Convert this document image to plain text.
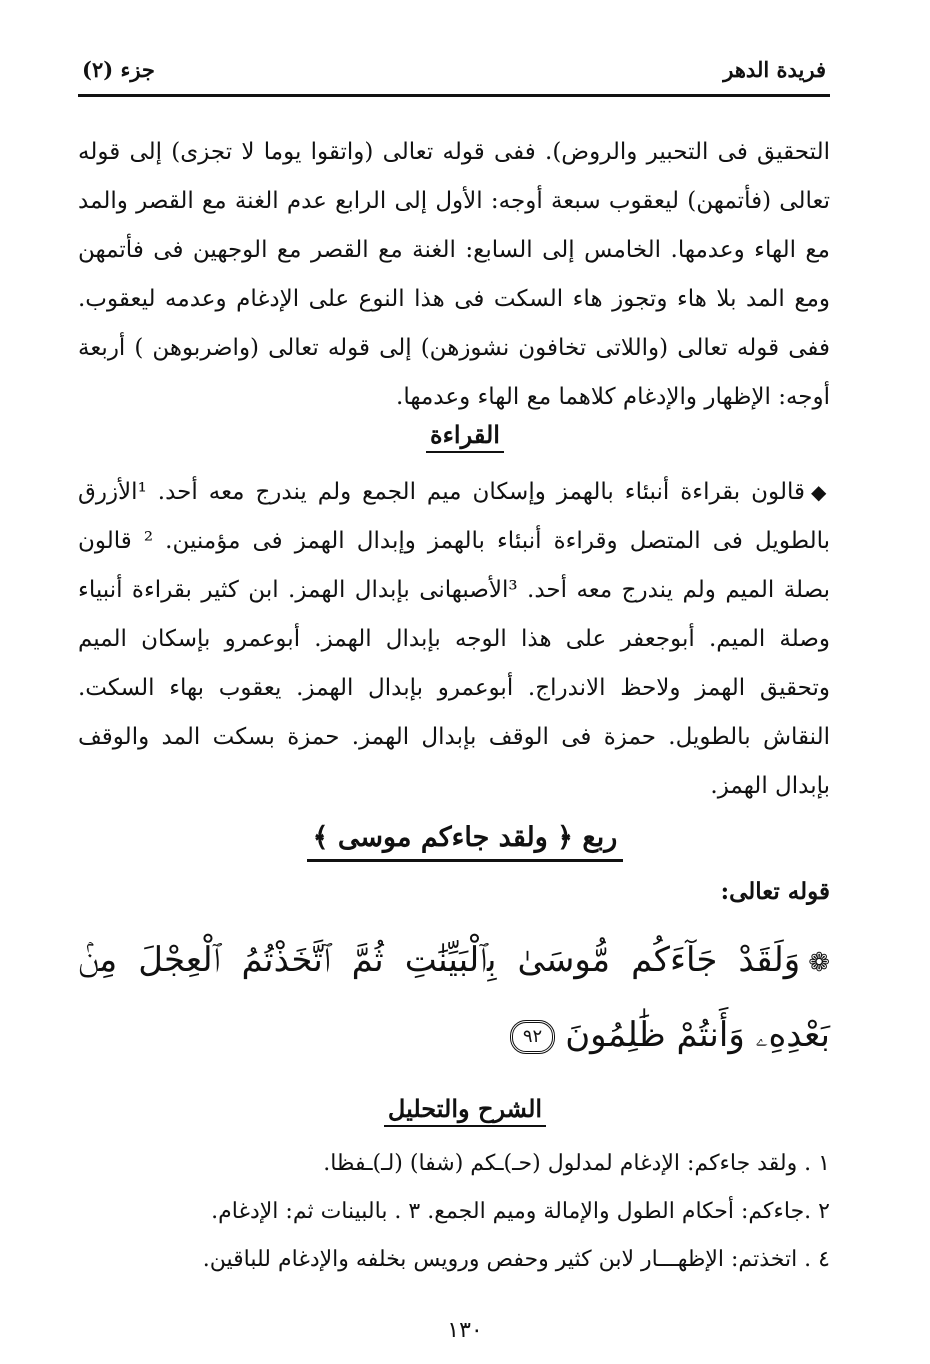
فريدة الدهر
جزء (٢)
التحقيق فى التحبير والروض). ففى قوله تعالى (واتقوا يوما لا تجزى) إلى قوله تعالى (فأتمهن) ليعقوب سبعة أوجه: الأول إلى الرابع عدم الغنة مع القصر والمد مع الهاء وعدمها. الخامس إلى السابع: الغنة مع القصر مع الوجهين فى فأتمهن ومع المد بلا هاء وتجوز هاء السكت فى هذا النوع على الإدغام وعدمه ليعقوب. ففى قوله تعالى (واللاتى تخافون نشوزهن) إلى قوله تعالى (واضربوهن ) أربعة أوجه: الإظهار والإدغام كلاهما مع الهاء وعدمها.
القراءة
◆قالون بقراءة أنبئاء بالهمز وإسكان ميم الجمع ولم يندرج معه أحد. ¹الأزرق بالطويل فى المتصل وقراءة أنبئاء بالهمز وإبدال الهمز فى مؤمنين. ² قالون بصلة الميم ولم يندرج معه أحد. ³الأصبهانى بإبدال الهمز. ابن كثير بقراءة أنبياء وصلة الميم. أبوجعفر على هذا الوجه بإبدال الهمز. أبوعمرو بإسكان الميم وتحقيق الهمز ولاحظ الاندراج. أبوعمرو بإبدال الهمز. يعقوب بهاء السكت. النقاش بالطويل. حمزة فى الوقف بإبدال الهمز. حمزة بسكت المد والوقف بإبدال الهمز.
ربع ﴿ ولقد جاءكم موسى ﴾
قوله تعالى:
❁وَلَقَدْ جَآءَكُم مُّوسَىٰ بِٱلْبَيِّنَٰتِ ثُمَّ ٱتَّخَذْتُمُ ٱلْعِجْلَ مِنۢ بَعْدِهِۦ وَأَنتُمْ ظَٰلِمُونَ٩٢
الشرح والتحليل
١ . ولقد جاءكم: الإدغام لمدلول (حـ)ـكم (شفا) (لـ)ـفظا.
٢ .جاءكم: أحكام الطول والإمالة وميم الجمع. ٣ . بالبينات ثم: الإدغام.
٤ . اتخذتم: الإظهـــار لابن كثير وحفص ورويس بخلفه والإدغام للباقين.
١٣٠
